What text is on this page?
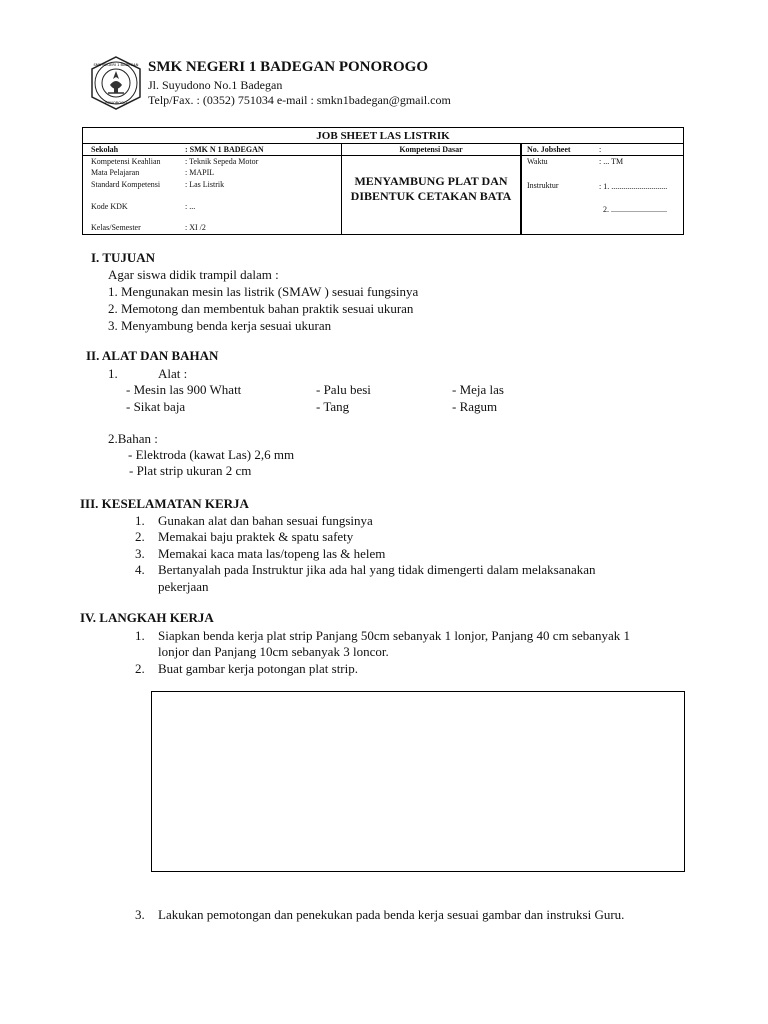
SMK NEGERI 1 BADEGAN
PONOROGO
SMK NEGERI 1 BADEGAN PONOROGO
Jl. Suyudono No.1 Badegan
Telp/Fax. : (0352) 751034 e-mail : smkn1badegan@gmail.com
JOB SHEET LAS LISTRIK
Sekolah	: SMK N 1 BADEGAN
Kompetensi Keahlian	: Teknik Sepeda Motor
Mata Pelajaran	: MAPIL
Standard Kompetensi	: Las Listrik
Kode KDK	: ...
Kelas/Semester	: XI /2
Kompetensi Dasar
MENYAMBUNG PLAT DAN DIBENTUK CETAKAN BATA
No. Jobsheet	:
Waktu	: ... TM
Instruktur	: 1. ............................
2. ............................
I. TUJUAN
Agar siswa didik trampil dalam :
1. Mengunakan mesin las listrik (SMAW ) sesuai fungsinya
2. Memotong dan membentuk bahan praktik sesuai ukuran
3. Menyambung benda kerja sesuai ukuran
II. ALAT DAN BAHAN
1.	Alat :
- Mesin las 900 Whatt
- Sikat baja
- Palu besi
- Tang
- Meja las
- Ragum
2.Bahan :
- Elektroda (kawat Las) 2,6 mm
- Plat strip ukuran 2 cm
III. KESELAMATAN KERJA
1. Gunakan alat dan bahan sesuai fungsinya
2. Memakai baju praktek & spatu safety
3. Memakai kaca mata las/topeng las & helem
4. Bertanyalah pada Instruktur jika ada hal yang tidak dimengerti dalam melaksanakan
pekerjaan
IV. LANGKAH KERJA
1. Siapkan benda kerja plat strip Panjang 50cm sebanyak 1 lonjor, Panjang 40 cm sebanyak 1
lonjor dan Panjang 10cm sebanyak 3 loncor.
2. Buat gambar kerja potongan plat strip.
3. Lakukan pemotongan dan penekukan pada benda kerja sesuai gambar dan instruksi Guru.
